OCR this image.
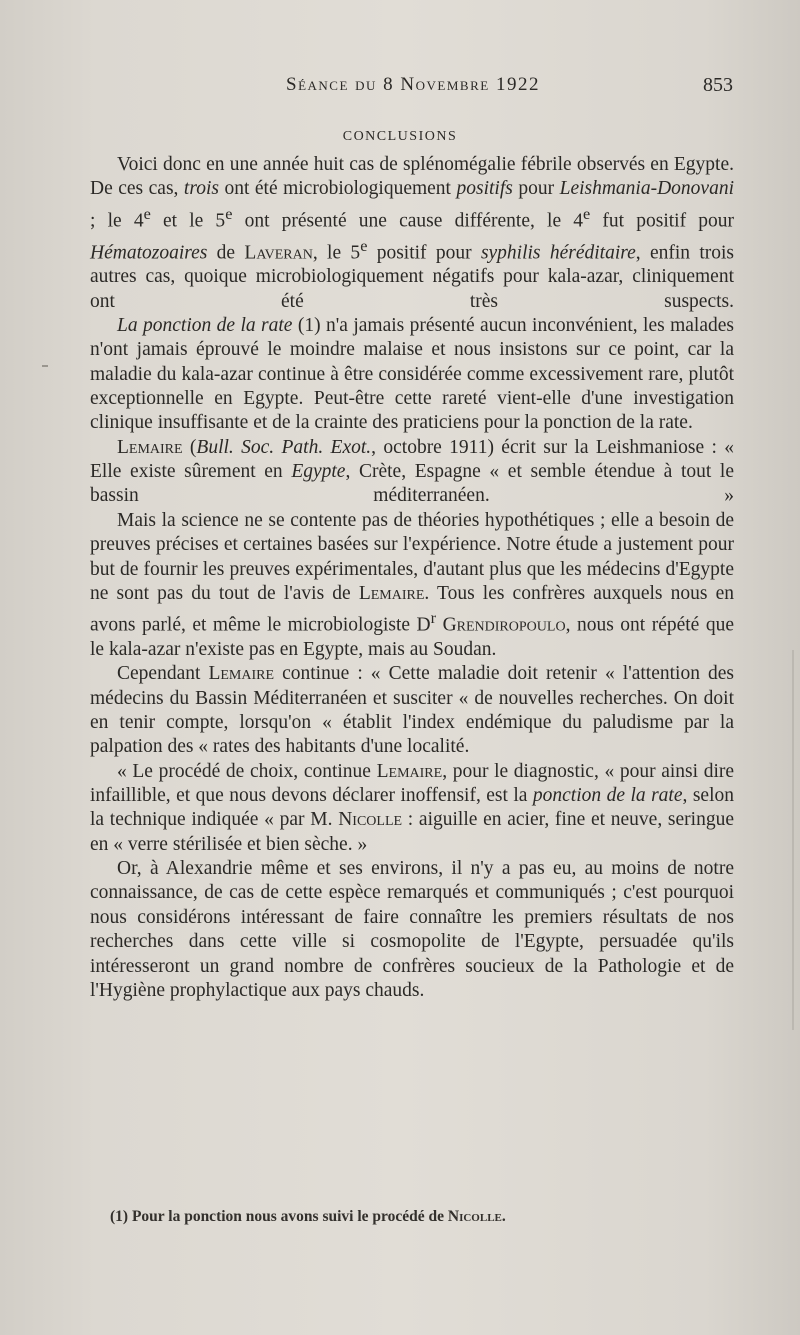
Séance du 8 Novembre 1922	853
CONCLUSIONS

Voici donc en une année huit cas de splénomégalie fébrile observés en Egypte. De ces cas, trois ont été microbiologiquement positifs pour Leishmania-Donovani ; le 4e et le 5e ont présenté une cause différente, le 4e fut positif pour Hématozoaires de Laveran, le 5e positif pour syphilis héréditaire, enfin trois autres cas, quoique microbiologiquement négatifs pour kala-azar, cliniquement ont été très suspects.

La ponction de la rate (1) n'a jamais présenté aucun inconvénient, les malades n'ont jamais éprouvé le moindre malaise et nous insistons sur ce point, car la maladie du kala-azar continue à être considérée comme excessivement rare, plutôt exceptionnelle en Egypte. Peut-être cette rareté vient-elle d'une investigation clinique insuffisante et de la crainte des praticiens pour la ponction de la rate.

Lemaire (Bull. Soc. Path. Exot., octobre 1911) écrit sur la Leishmaniose : « Elle existe sûrement en Egypte, Crète, Espagne « et semble étendue à tout le bassin méditerranéen. »

Mais la science ne se contente pas de théories hypothétiques ; elle a besoin de preuves précises et certaines basées sur l'expérience. Notre étude a justement pour but de fournir les preuves expérimentales, d'autant plus que les médecins d'Egypte ne sont pas du tout de l'avis de Lemaire. Tous les confrères auxquels nous en avons parlé, et même le microbiologiste $D^r$ Grendiropoulo, nous ont répété que le kala-azar n'existe pas en Egypte, mais au Soudan.

Cependant Lemaire continue : « Cette maladie doit retenir « l'attention des médecins du Bassin Méditerranéen et susciter « de nouvelles recherches. On doit en tenir compte, lorsqu'on « établit l'index endémique du paludisme par la palpation des « rates des habitants d'une localité.

« Le procédé de choix, continue Lemaire, pour le diagnostic, « pour ainsi dire infaillible, et que nous devons déclarer inoffensif, est la ponction de la rate, selon la technique indiquée « par M. Nicolle : aiguille en acier, fine et neuve, seringue en « verre stérilisée et bien sèche. »

Or, à Alexandrie même et ses environs, il n'y a pas eu, au moins de notre connaissance, de cas de cette espèce remarqués et communiqués ; c'est pourquoi nous considérons intéressant de faire connaître les premiers résultats de nos recherches dans cette ville si cosmopolite de l'Egypte, persuadée qu'ils intéresseront un grand nombre de confrères soucieux de la Pathologie et de l'Hygiène prophylactique aux pays chauds.

(1) Pour la ponction nous avons suivi le procédé de Nicolle.
